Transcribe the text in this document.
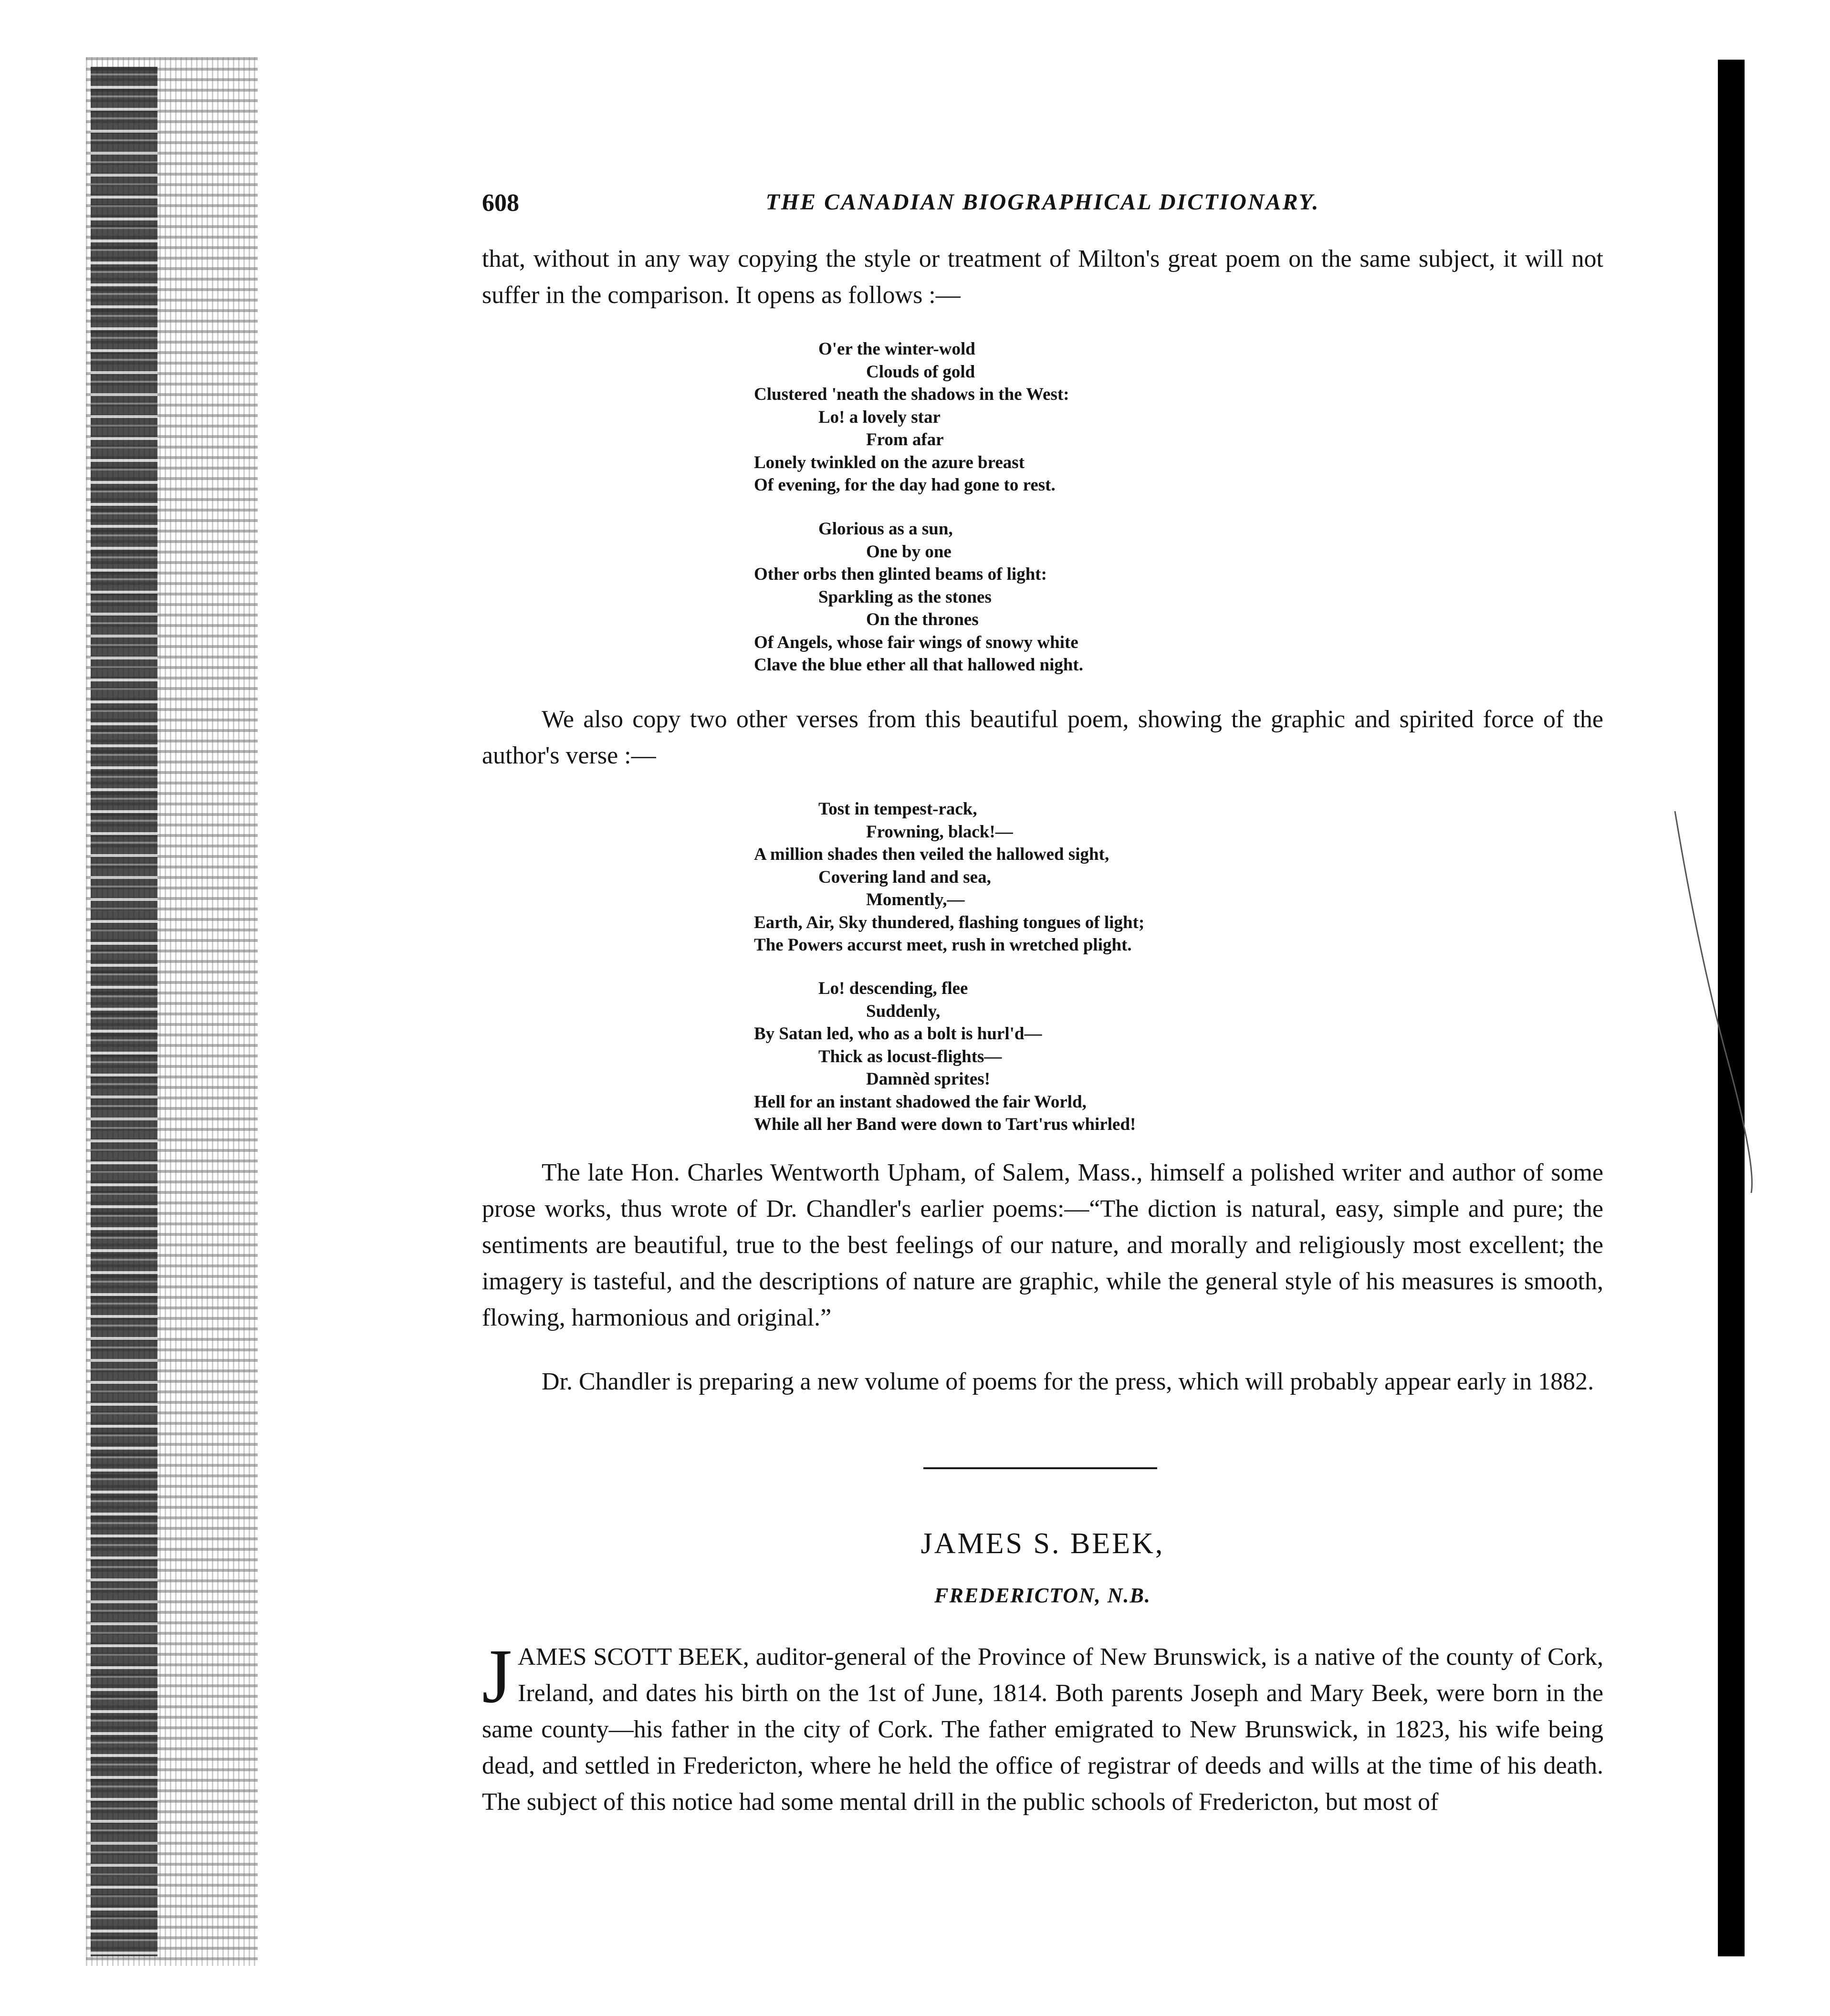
608	THE CANADIAN BIOGRAPHICAL DICTIONARY.

that, without in any way copying the style or treatment of Milton's great poem on the same subject, it will not suffer in the comparison. It opens as follows :—

O'er the winter-wold
Clouds of gold
Clustered 'neath the shadows in the West:
Lo! a lovely star
From afar
Lonely twinkled on the azure breast
Of evening, for the day had gone to rest.
Glorious as a sun,
One by one
Other orbs then glinted beams of light:
Sparkling as the stones
On the thrones
Of Angels, whose fair wings of snowy white
Clave the blue ether all that hallowed night.

We also copy two other verses from this beautiful poem, showing the graphic and spirited force of the author's verse :—

Tost in tempest-rack,
Frowning, black!—
A million shades then veiled the hallowed sight,
Covering land and sea,
Momently,—
Earth, Air, Sky thundered, flashing tongues of light;
The Powers accurst meet, rush in wretched plight.
Lo! descending, flee
Suddenly,
By Satan led, who as a bolt is hurl'd—
Thick as locust-flights—
Damnèd sprites!
Hell for an instant shadowed the fair World,
While all her Band were down to Tart'rus whirled!

The late Hon. Charles Wentworth Upham, of Salem, Mass., himself a polished writer and author of some prose works, thus wrote of Dr. Chandler's earlier poems:—“The diction is natural, easy, simple and pure; the sentiments are beautiful, true to the best feelings of our nature, and morally and religiously most excellent; the imagery is tasteful, and the descriptions of nature are graphic, while the general style of his measures is smooth, flowing, harmonious and original.”

Dr. Chandler is preparing a new volume of poems for the press, which will probably appear early in 1882.

JAMES S. BEEK,
FREDERICTON, N.B.

JAMES SCOTT BEEK, auditor-general of the Province of New Brunswick, is a native of the county of Cork, Ireland, and dates his birth on the 1st of June, 1814. Both parents Joseph and Mary Beek, were born in the same county—his father in the city of Cork. The father emigrated to New Brunswick, in 1823, his wife being dead, and settled in Fredericton, where he held the office of registrar of deeds and wills at the time of his death. The subject of this notice had some mental drill in the public schools of Fredericton, but most of
